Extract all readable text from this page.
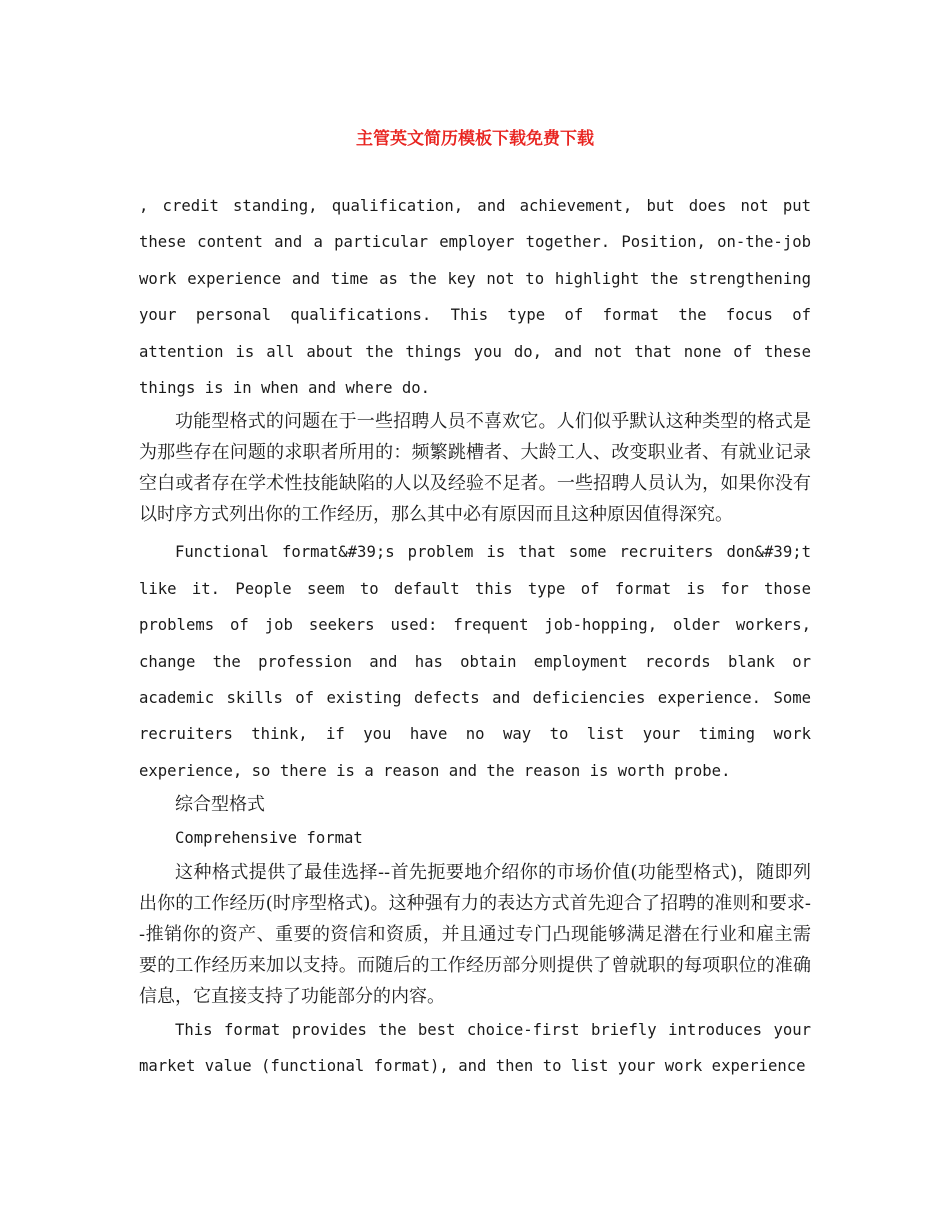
主管英文简历模板下载免费下载

, credit standing, qualification, and achievement, but does not put these content and a particular employer together. Position, on-the-job work experience and time as the key not to highlight the strengthening your personal qualifications. This type of format the focus of attention is all about the things you do, and not that none of these things is in when and where do.

功能型格式的问题在于一些招聘人员不喜欢它。人们似乎默认这种类型的格式是为那些存在问题的求职者所用的：频繁跳槽者、大龄工人、改变职业者、有就业记录空白或者存在学术性技能缺陷的人以及经验不足者。一些招聘人员认为，如果你没有以时序方式列出你的工作经历，那么其中必有原因而且这种原因值得深究。

Functional format&#39;s problem is that some recruiters don&#39;t like it. People seem to default this type of format is for those problems of job seekers used: frequent job-hopping, older workers, change the profession and has obtain employment records blank or academic skills of existing defects and deficiencies experience. Some recruiters think, if you have no way to list your timing work experience, so there is a reason and the reason is worth probe.

综合型格式

Comprehensive format

这种格式提供了最佳选择--首先扼要地介绍你的市场价值(功能型格式)，随即列出你的工作经历(时序型格式)。这种强有力的表达方式首先迎合了招聘的准则和要求--推销你的资产、重要的资信和资质，并且通过专门凸现能够满足潜在行业和雇主需要的工作经历来加以支持。而随后的工作经历部分则提供了曾就职的每项职位的准确信息，它直接支持了功能部分的内容。

This format provides the best choice-first briefly introduces your market value (functional format), and then to list your work experience
